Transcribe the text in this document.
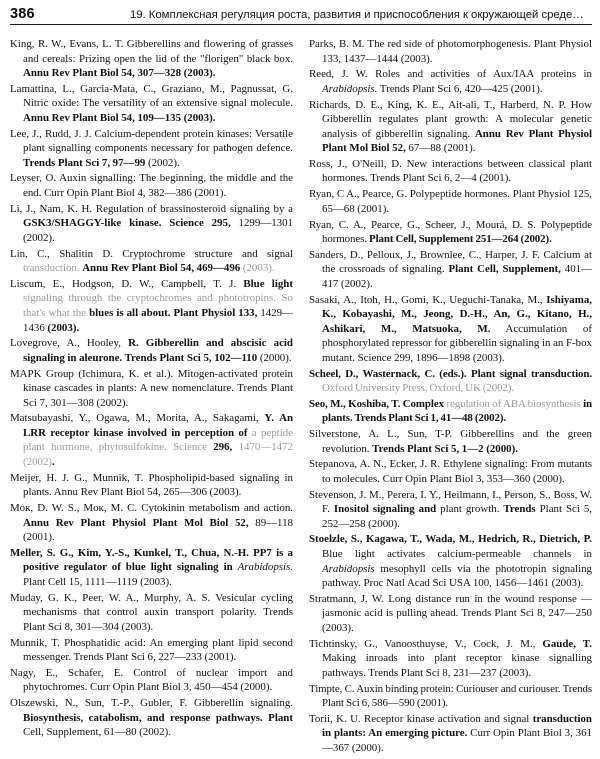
386	19. Комплексная регуляция роста, развития и приспособления к окружающей среде…

King, R. W., Evans, L. T. Gibberellins and flowering of grasses and cereals: Prizing open the lid of the "florigen" black box. Annu Rev Plant Biol 54, 307—328 (2003).

Lamattina, L., Garcia-Mata, C., Graziano, M., Pagnussat, G. Nitric oxide: The versatility of an extensive signal molecule. Annu Rev Plant Biol 54, 109—135 (2003).

Lee, J., Rudd, J. J. Calcium-dependent protein kinases: Versatile plant signalling components necessary for pathogen defence. Trends Plant Sci 7, 97—99 (2002).

Leyser, O. Auxin signalling: The beginning, the middle and the end. Curr Opin Plant Biol 4, 382—386 (2001).

Li, J., Nam, K. H. Regulation of brassinosteroid signaling by a GSK3/SHAGGY-like kinase. Science 295, 1299—1301 (2002).

Lin, C., Shalitin D. Cryptochrome structure and signal transduction. Annu Rev Plant Biol 54, 469—496 (2003).

Liscum, E., Hodgson, D. W., Campbell, T. J. Blue light signaling through the cryptochromes and phototropins. So that's what the blues is all about. Plant Physiol 133, 1429—1436 (2003).

Lovegrove, A., Hooley, R. Gibberellin and abscisic acid signaling in aleurone. Trends Plant Sci 5, 102—110 (2000).

MAPK Group (Ichimura, K. et al.). Mitogen-activated protein kinase cascades in plants: A new nomenclature. Trends Plant Sci 7, 301—308 (2002).

Matsubayashi, Y., Ogawa, M., Morita, A., Sakagami, Y. An LRR receptor kinase involved in perception of a peptide plant hormone, phytosulfokine. Science 296, 1470—1472 (2002).

Meijer, H. J. G., Munnik, T. Phospholipid-based signaling in plants. Annu Rev Plant Biol 54, 265—306 (2003).

Moк, D. W. S., Moк, M. C. Cytokinin metabolism and action. Annu Rev Plant Physiol Plant Mol Biol 52, 89—118 (2001).

Meller, S. G., Kim, Y.-S., Kunkel, T., Chua, N.-H. PP7 is a positive regulator of blue light signaling in Arabidopsis. Plant Cell 15, 1111—1119 (2003).

Muday, G. K., Peer, W. A., Murphy, A. S. Vesicular cycling mechanisms that control auxin transport polarity. Trends Plant Sci 8, 301—304 (2003).

Munnik, T. Phosphatidic acid: An emerging plant lipid second messenger. Trends Plant Sci 6, 227—233 (2001).

Nagy, E., Schafer, E. Control of nuclear import and phytochromes. Curr Opin Plant Biol 3, 450—454 (2000).

Olszewski, N., Sun, T.-P., Gubler, F. Gibberellin signaling. Biosynthesis, catabolism, and response pathways. Plant Cell, Supplement, 61—80 (2002).

Parks, B. M. The red side of photomorphogenesis. Plant Physiol 133, 1437—1444 (2003).

Reed, J. W. Roles and activities of Aux/IAA proteins in Arabidopsis. Trends Plant Sci 6, 420—425 (2001).

Richards, D. E., King, K. E., Ait-ali, T., Harberd, N. P. How Gibberellin regulates plant growth: A molecular genetic analysis of gibberellin signaling. Annu Rev Plant Physiol Plant Mol Biol 52, 67—88 (2001).

Ross, J., O'Neill, D. New interactions between classical plant hormones. Trends Plant Sci 6, 2—4 (2001).

Ryan, C A., Pearce, G. Polypeptide hormones. Plant Physiol 125, 65—68 (2001).

Ryan, C. A., Pearce, G., Scheer, J., Mourá, D. S. Polypeptide hormones. Plant Cell, Supplement 251—264 (2002).

Sanders, D., Pelloux, J., Brownlee, C., Harper, J. F. Calcium at the crossroads of signaling. Plant Cell, Supplement, 401—417 (2002).

Sasaki, A., Itoh, H., Gomi, K., Ueguchi-Tanaka, M., Ishiyama, K., Kobayashi, M., Jeong, D.-H., An, G., Kitano, H., Ashikari, M., Matsuoka, M. Accumulation of phosphorylated repressor for gibberellin signaling in an F-box mutant. Science 299, 1896—1898 (2003).

Scheel, D., Wasternack, C. (eds.). Plant signal transduction. Oxford University Press, Oxford, UK (2002).

Seo, M., Koshiba, T. Complex regulation of ABA biosynthesis in plants. Trends Plant Sci 1, 41—48 (2002).

Silverstone, A. L., Sun, T-P. Gibberellins and the green revolution. Trends Plant Sci 5, 1—2 (2000).

Stepanova, A. N., Ecker, J. R. Ethylene signaling: From mutants to molecules. Curr Opin Plant Biol 3, 353—360 (2000).

Stevenson, J. M., Perera, I. Y., Heilmann, I., Person, S., Boss, W. F. Inositol signaling and plant growth. Trends Plant Sci 5, 252—258 (2000).

Stoelzle, S., Kagawa, T., Wada, M., Hedrich, R., Dietrich, P. Blue light activates calcium-permeable channels in Arabidopsis mesophyll cells via the phototropin signaling pathway. Proc Natl Acad Sci USA 100, 1456—1461 (2003).

Stratmann, J. W. Long distance run in the wound response — jasmonic acid is pulling ahead. Trends Plant Sci 8, 247—250 (2003).

Tichtinsky, G., Vanoosthuyse, V., Cock, J. M., Gaude, T. Making inroads into plant receptor kinase signalling pathways. Trends Plant Sci 8, 231—237 (2003).

Timpte, C. Auxin binding protein: Curiouser and curiouser. Trends Plant Sci 6, 586—590 (2001).

Torii, K. U. Receptor kinase activation and signal transduction in plants: An emerging picture. Curr Opin Plant Biol 3, 361—367 (2000).
